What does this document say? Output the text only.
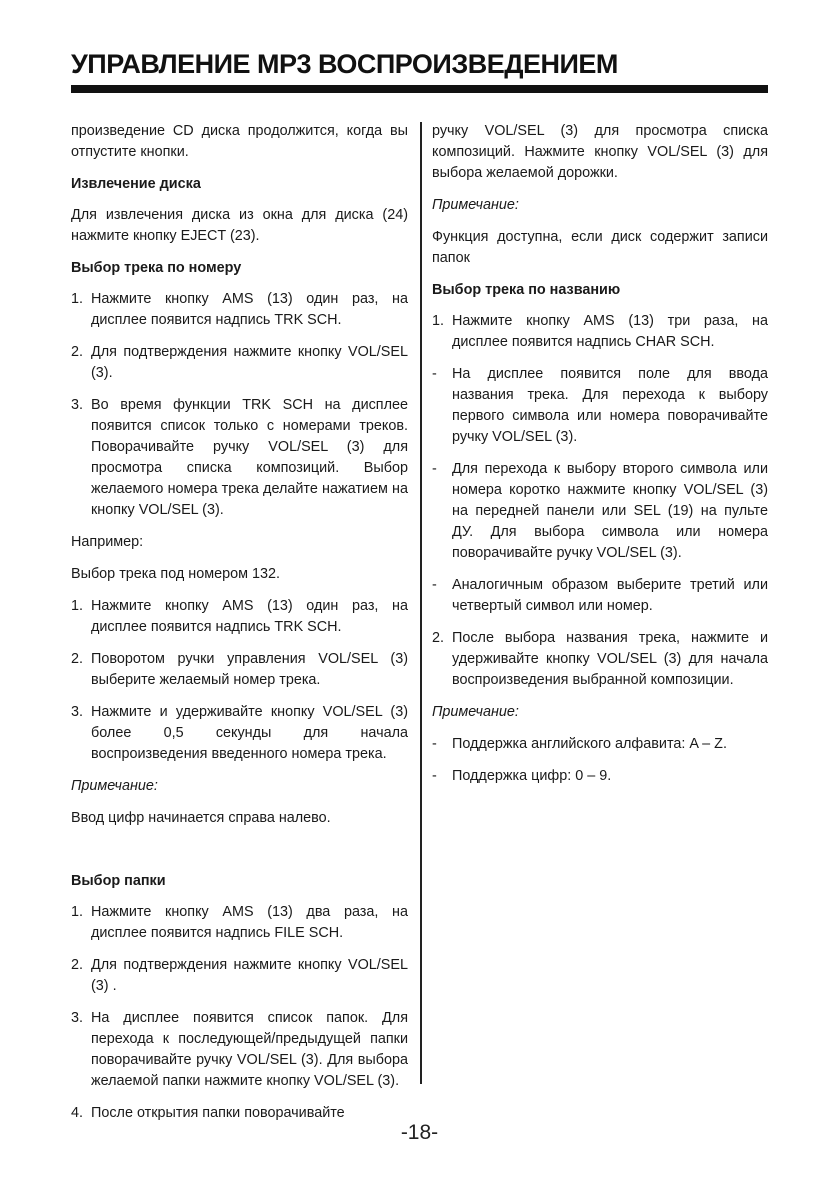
УПРАВЛЕНИЕ MP3 ВОСПРОИЗВЕДЕНИЕМ

произведение CD диска продолжится, когда вы отпустите кнопки.

Извлечение диска

Для извлечения диска из окна для диска (24) нажмите кнопку EJECT (23).

Выбор трека по номеру
1. Нажмите кнопку AMS (13) один раз, на дисплее появится надпись TRK SCH.
2. Для подтверждения нажмите кнопку VOL/SEL (3).
3. Во время функции TRK SCH на дисплее появится список только с номерами треков. Поворачивайте ручку VOL/SEL (3) для просмотра списка композиций. Выбор желаемого номера трека делайте нажатием на кнопку VOL/SEL (3).

Например:

Выбор трека под номером 132.

1. Нажмите кнопку AMS (13) один раз, на дисплее появится надпись TRK SCH.
2. Поворотом ручки управления VOL/SEL (3) выберите желаемый номер трека.
3. Нажмите и удерживайте кнопку VOL/SEL (3) более 0,5 секунды для начала воспроизведения введенного номера трека.

Примечание:

Ввод цифр начинается справа налево.

Выбор папки
1. Нажмите кнопку AMS (13) два раза, на дисплее появится надпись FILE SCH.
2. Для подтверждения нажмите кнопку VOL/SEL (3) .
3. На дисплее появится список папок. Для перехода к последующей/предыдущей папки поворачивайте ручку VOL/SEL (3). Для выбора желаемой папки нажмите кнопку VOL/SEL (3).
4. После открытия папки поворачивайте

ручку VOL/SEL (3) для просмотра списка композиций. Нажмите кнопку VOL/SEL (3) для выбора желаемой дорожки.

Примечание:

Функция доступна, если диск содержит записи папок

Выбор трека по названию
1. Нажмите кнопку AMS (13) три раза, на дисплее появится надпись CHAR SCH.
-	На дисплее появится поле для ввода названия трека. Для перехода к выбору первого символа или номера поворачивайте ручку VOL/SEL (3).
-	Для перехода к выбору второго символа или номера коротко нажмите кнопку VOL/SEL (3) на передней панели или SEL (19) на пульте ДУ. Для выбора символа или номера поворачивайте ручку VOL/SEL (3).
-	Аналогичным образом выберите третий или четвертый символ или номер.
2. После выбора названия трека, нажмите и удерживайте кнопку VOL/SEL (3) для начала воспроизведения выбранной композиции.

Примечание:

-	Поддержка английского алфавита: A – Z.
-	Поддержка цифр: 0 – 9.
-18-
